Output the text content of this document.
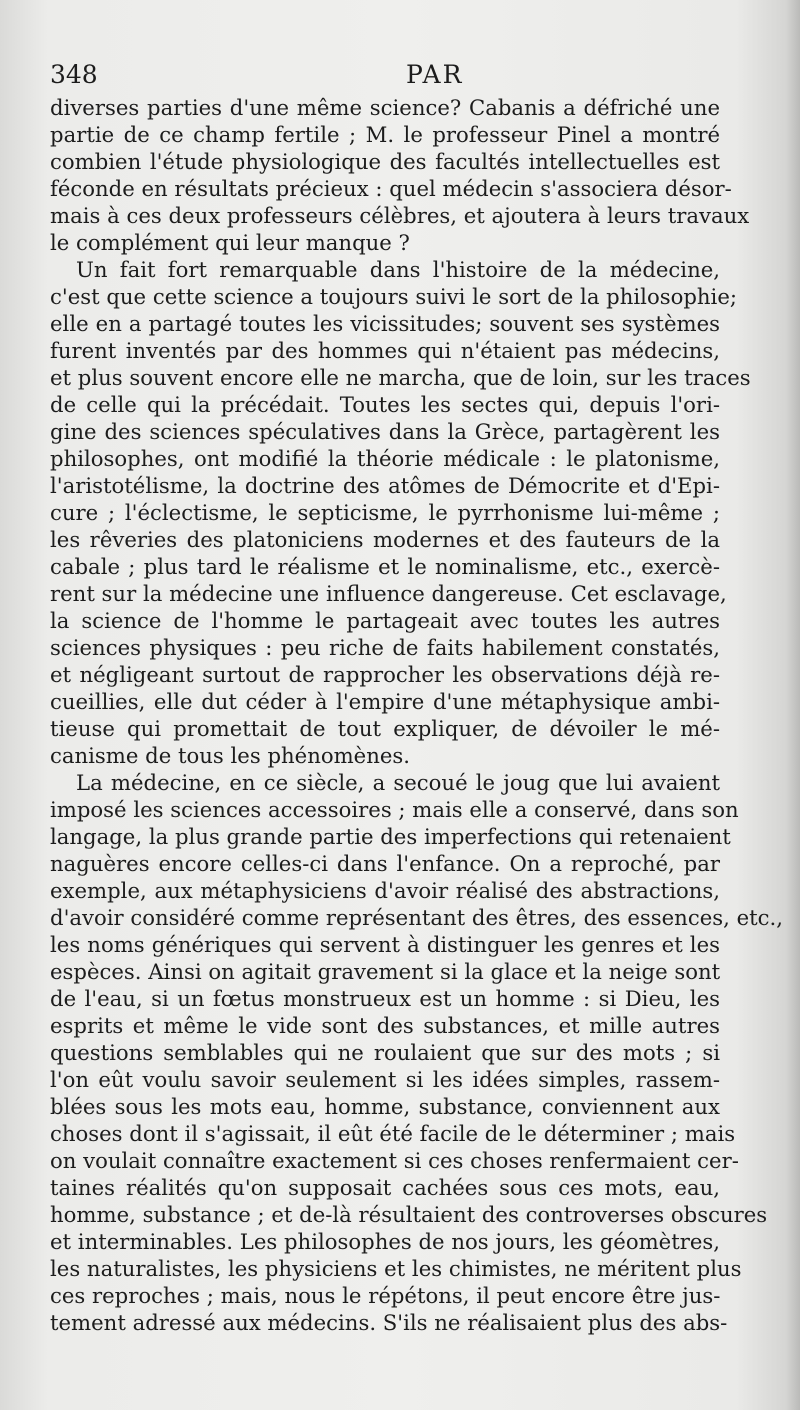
348	PAR
diverses parties d'une même science? Cabanis a défriché une
partie de ce champ fertile ; M. le professeur Pinel a montré
combien l'étude physiologique des facultés intellectuelles est
féconde en résultats précieux : quel médecin s'associera désor-
mais à ces deux professeurs célèbres, et ajoutera à leurs travaux
le complément qui leur manque ?
Un fait fort remarquable dans l'histoire de la médecine,
c'est que cette science a toujours suivi le sort de la philosophie;
elle en a partagé toutes les vicissitudes; souvent ses systèmes
furent inventés par des hommes qui n'étaient pas médecins,
et plus souvent encore elle ne marcha, que de loin, sur les traces
de celle qui la précédait. Toutes les sectes qui, depuis l'ori-
gine des sciences spéculatives dans la Grèce, partagèrent les
philosophes, ont modifié la théorie médicale : le platonisme,
l'aristotélisme, la doctrine des atômes de Démocrite et d'Epi-
cure ; l'éclectisme, le septicisme, le pyrrhonisme lui-même ;
les rêveries des platoniciens modernes et des fauteurs de la
cabale ; plus tard le réalisme et le nominalisme, etc., exercè-
rent sur la médecine une influence dangereuse. Cet esclavage,
la science de l'homme le partageait avec toutes les autres
sciences physiques : peu riche de faits habilement constatés,
et négligeant surtout de rapprocher les observations déjà re-
cueillies, elle dut céder à l'empire d'une métaphysique ambi-
tieuse qui promettait de tout expliquer, de dévoiler le mé-
canisme de tous les phénomènes.
La médecine, en ce siècle, a secoué le joug que lui avaient
imposé les sciences accessoires ; mais elle a conservé, dans son
langage, la plus grande partie des imperfections qui retenaient
naguères encore celles-ci dans l'enfance. On a reproché, par
exemple, aux métaphysiciens d'avoir réalisé des abstractions,
d'avoir considéré comme représentant des êtres, des essences, etc.,
les noms génériques qui servent à distinguer les genres et les
espèces. Ainsi on agitait gravement si la glace et la neige sont
de l'eau, si un fœtus monstrueux est un homme : si Dieu, les
esprits et même le vide sont des substances, et mille autres
questions semblables qui ne roulaient que sur des mots ; si
l'on eût voulu savoir seulement si les idées simples, rassem-
blées sous les mots eau, homme, substance, conviennent aux
choses dont il s'agissait, il eût été facile de le déterminer ; mais
on voulait connaître exactement si ces choses renfermaient cer-
taines réalités qu'on supposait cachées sous ces mots, eau,
homme, substance ; et de-là résultaient des controverses obscures
et interminables. Les philosophes de nos jours, les géomètres,
les naturalistes, les physiciens et les chimistes, ne méritent plus
ces reproches ; mais, nous le répétons, il peut encore être jus-
tement adressé aux médecins. S'ils ne réalisaient plus des abs-
